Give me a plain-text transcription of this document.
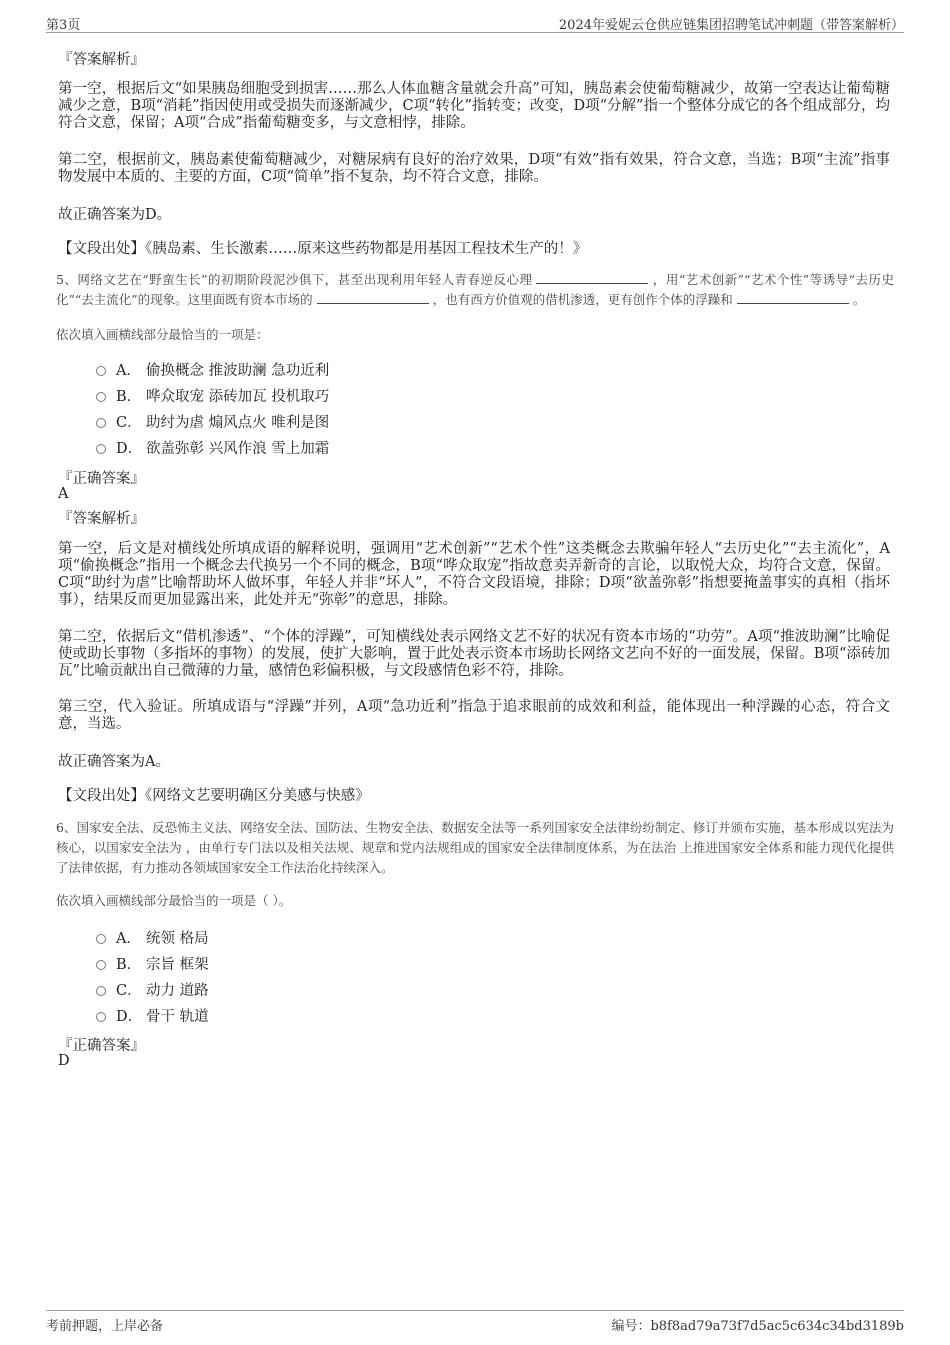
第3页	2024年爱妮云仓供应链集团招聘笔试冲刺题（带答案解析）
『答案解析』
第一空，根据后文“如果胰岛细胞受到损害……那么人体血糖含量就会升高”可知，胰岛素会使葡萄糖减少，故第一空表达让葡萄糖减少之意，B项“消耗”指因使用或受损失而逐渐减少，C项“转化”指转变；改变，D项“分解”指一个整体分成它的各个组成部分，均符合文意，保留；A项“合成”指葡萄糖变多，与文意相悖，排除。
第二空，根据前文，胰岛素使葡萄糖减少，对糖尿病有良好的治疗效果，D项“有效”指有效果，符合文意，当选；B项“主流”指事物发展中本质的、主要的方面，C项“简单”指不复杂，均不符合文意，排除。
故正确答案为D。
【文段出处】《胰岛素、生长激素……原来这些药物都是用基因工程技术生产的！》
5、网络文艺在“野蛮生长”的初期阶段泥沙俱下，甚至出现利用年轻人青春逆反心理	，用“艺术创新”“艺术个性”等诱导“去历史化”“去主流化”的现象。这里面既有资本市场的	，也有西方价值观的借机渗透，更有创作个体的浮躁和	。
依次填入画横线部分最恰当的一项是：
A． 偷换概念 推波助澜 急功近利
B． 哗众取宠 添砖加瓦 投机取巧
C． 助纣为虐 煽风点火 唯利是图
D． 欲盖弥彰 兴风作浪 雪上加霜
『正确答案』
A
『答案解析』
第一空，后文是对横线处所填成语的解释说明，强调用“艺术创新”“艺术个性”这类概念去欺骗年轻人“去历史化”“去主流化”，A项“偷换概念”指用一个概念去代换另一个不同的概念，B项“哗众取宠”指故意卖弄新奇的言论，以取悦大众，均符合文意，保留。C项“助纣为虐”比喻帮助坏人做坏事，年轻人并非“坏人”，不符合文段语境，排除；D项“欲盖弥彰”指想要掩盖事实的真相（指坏事），结果反而更加显露出来，此处并无“弥彰”的意思，排除。
第二空，依据后文“借机渗透”、“个体的浮躁”，可知横线处表示网络文艺不好的状况有资本市场的“功劳”。A项“推波助澜”比喻促使或助长事物（多指坏的事物）的发展，使扩大影响，置于此处表示资本市场助长网络文艺向不好的一面发展，保留。B项“添砖加瓦”比喻贡献出自己微薄的力量，感情色彩偏积极，与文段感情色彩不符，排除。
第三空，代入验证。所填成语与“浮躁”并列，A项“急功近利”指急于追求眼前的成效和利益，能体现出一种浮躁的心态，符合文意，当选。
故正确答案为A。
【文段出处】《网络文艺要明确区分美感与快感》
6、国家安全法、反恐怖主义法、网络安全法、国防法、生物安全法、数据安全法等一系列国家安全法律纷纷制定、修订并颁布实施，基本形成以宪法为核心，以国家安全法为 ，由单行专门法以及相关法规、规章和党内法规组成的国家安全法律制度体系，为在法治 上推进国家安全体系和能力现代化提供了法律依据，有力推动各领域国家安全工作法治化持续深入。
依次填入画横线部分最恰当的一项是（ ）。
A． 统领 格局
B． 宗旨 框架
C． 动力 道路
D． 骨干 轨道
『正确答案』
D
考前押题，上岸必备	编号：b8f8ad79a73f7d5ac5c634c34bd3189b
